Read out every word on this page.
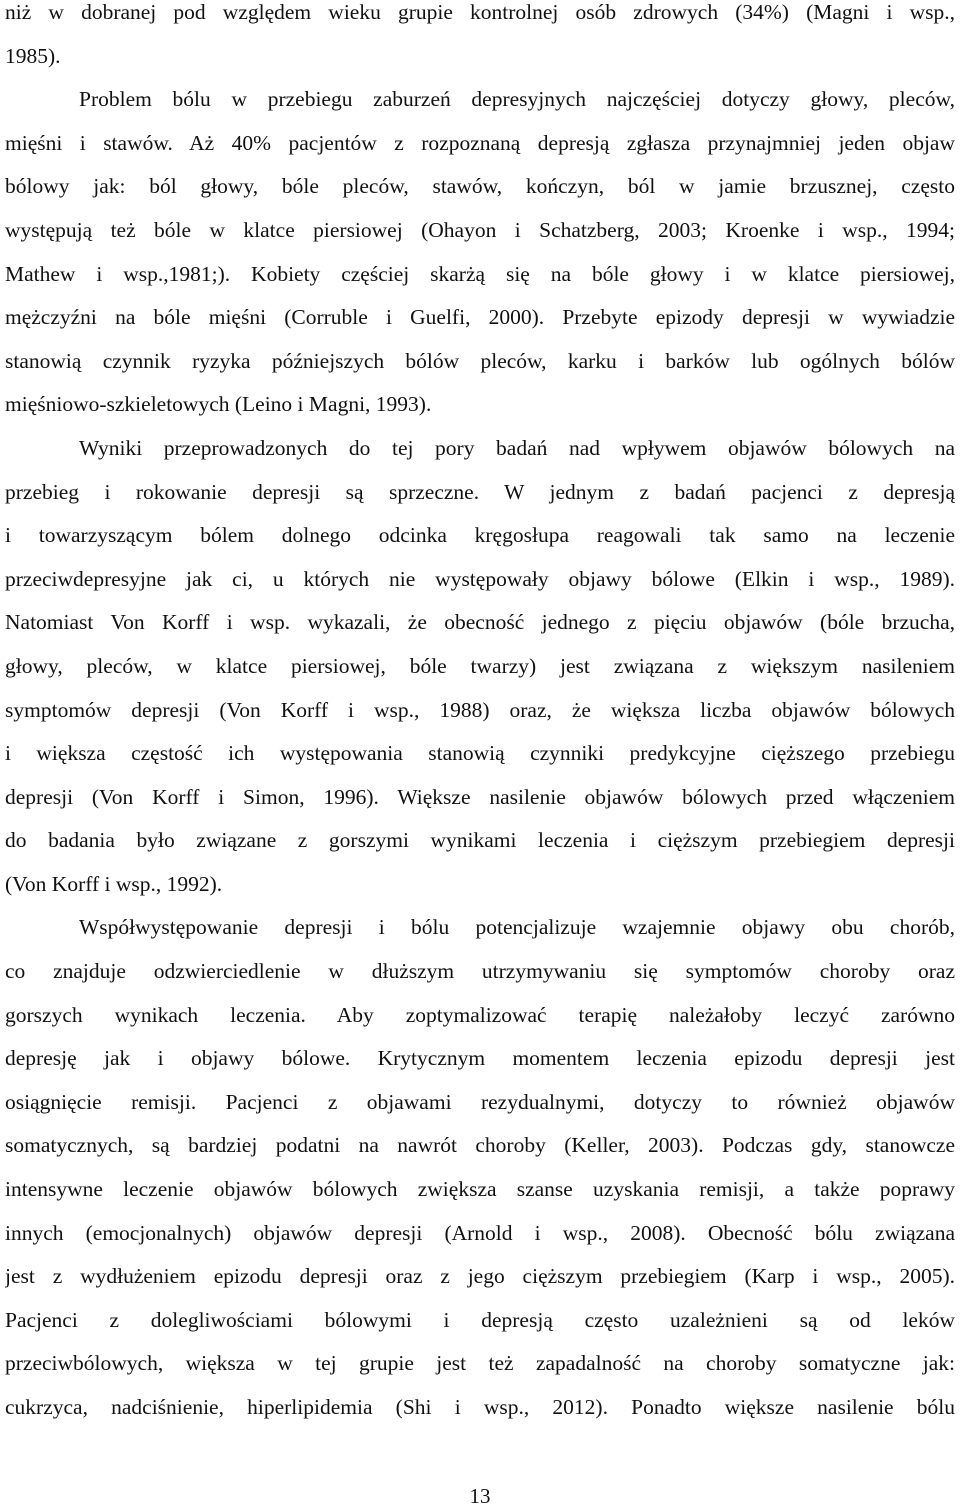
niż w dobranej pod względem wieku grupie kontrolnej osób zdrowych (34%) (Magni i wsp.,
1985).
Problem bólu w przebiegu zaburzeń depresyjnych najczęściej dotyczy głowy, pleców,
mięśni i stawów. Aż 40% pacjentów z rozpoznaną depresją zgłasza przynajmniej jeden objaw
bólowy jak: ból głowy, bóle pleców, stawów, kończyn, ból w jamie brzusznej, często
występują też bóle w klatce piersiowej (Ohayon i Schatzberg, 2003; Kroenke i wsp., 1994;
Mathew i wsp.,1981;). Kobiety częściej skarżą się na bóle głowy i w klatce piersiowej,
mężczyźni na bóle mięśni (Corruble i Guelfi, 2000). Przebyte epizody depresji w wywiadzie
stanowią czynnik ryzyka późniejszych bólów pleców, karku i barków lub ogólnych bólów
mięśniowo-szkieletowych (Leino i Magni, 1993).
Wyniki przeprowadzonych do tej pory badań nad wpływem objawów bólowych na
przebieg i rokowanie depresji są sprzeczne. W jednym z badań pacjenci z depresją
i towarzyszącym bólem dolnego odcinka kręgosłupa reagowali tak samo na leczenie
przeciwdepresyjne jak ci, u których nie występowały objawy bólowe (Elkin i wsp., 1989).
Natomiast Von Korff i wsp. wykazali, że obecność jednego z pięciu objawów (bóle brzucha,
głowy, pleców, w klatce piersiowej, bóle twarzy) jest związana z większym nasileniem
symptomów depresji (Von Korff i wsp., 1988) oraz, że większa liczba objawów bólowych
i większa częstość ich występowania stanowią czynniki predykcyjne cięższego przebiegu
depresji (Von Korff i Simon, 1996). Większe nasilenie objawów bólowych przed włączeniem
do badania było związane z gorszymi wynikami leczenia i cięższym przebiegiem depresji
(Von Korff i wsp., 1992).
Współwystępowanie depresji i bólu potencjalizuje wzajemnie objawy obu chorób,
co znajduje odzwierciedlenie w dłuższym utrzymywaniu się symptomów choroby oraz
gorszych wynikach leczenia. Aby zoptymalizować terapię należałoby leczyć zarówno
depresję jak i objawy bólowe. Krytycznym momentem leczenia epizodu depresji jest
osiągnięcie remisji. Pacjenci z objawami rezydualnymi, dotyczy to również objawów
somatycznych, są bardziej podatni na nawrót choroby (Keller, 2003). Podczas gdy, stanowcze
intensywne leczenie objawów bólowych zwiększa szanse uzyskania remisji, a także poprawy
innych (emocjonalnych) objawów depresji (Arnold i wsp., 2008). Obecność bólu związana
jest z wydłużeniem epizodu depresji oraz z jego cięższym przebiegiem (Karp i wsp., 2005).
Pacjenci z dolegliwościami bólowymi i depresją często uzależnieni są od leków
przeciwbólowych, większa w tej grupie jest też zapadalność na choroby somatyczne jak:
cukrzyca, nadciśnienie, hiperlipidemia (Shi i wsp., 2012). Ponadto większe nasilenie bólu
13
